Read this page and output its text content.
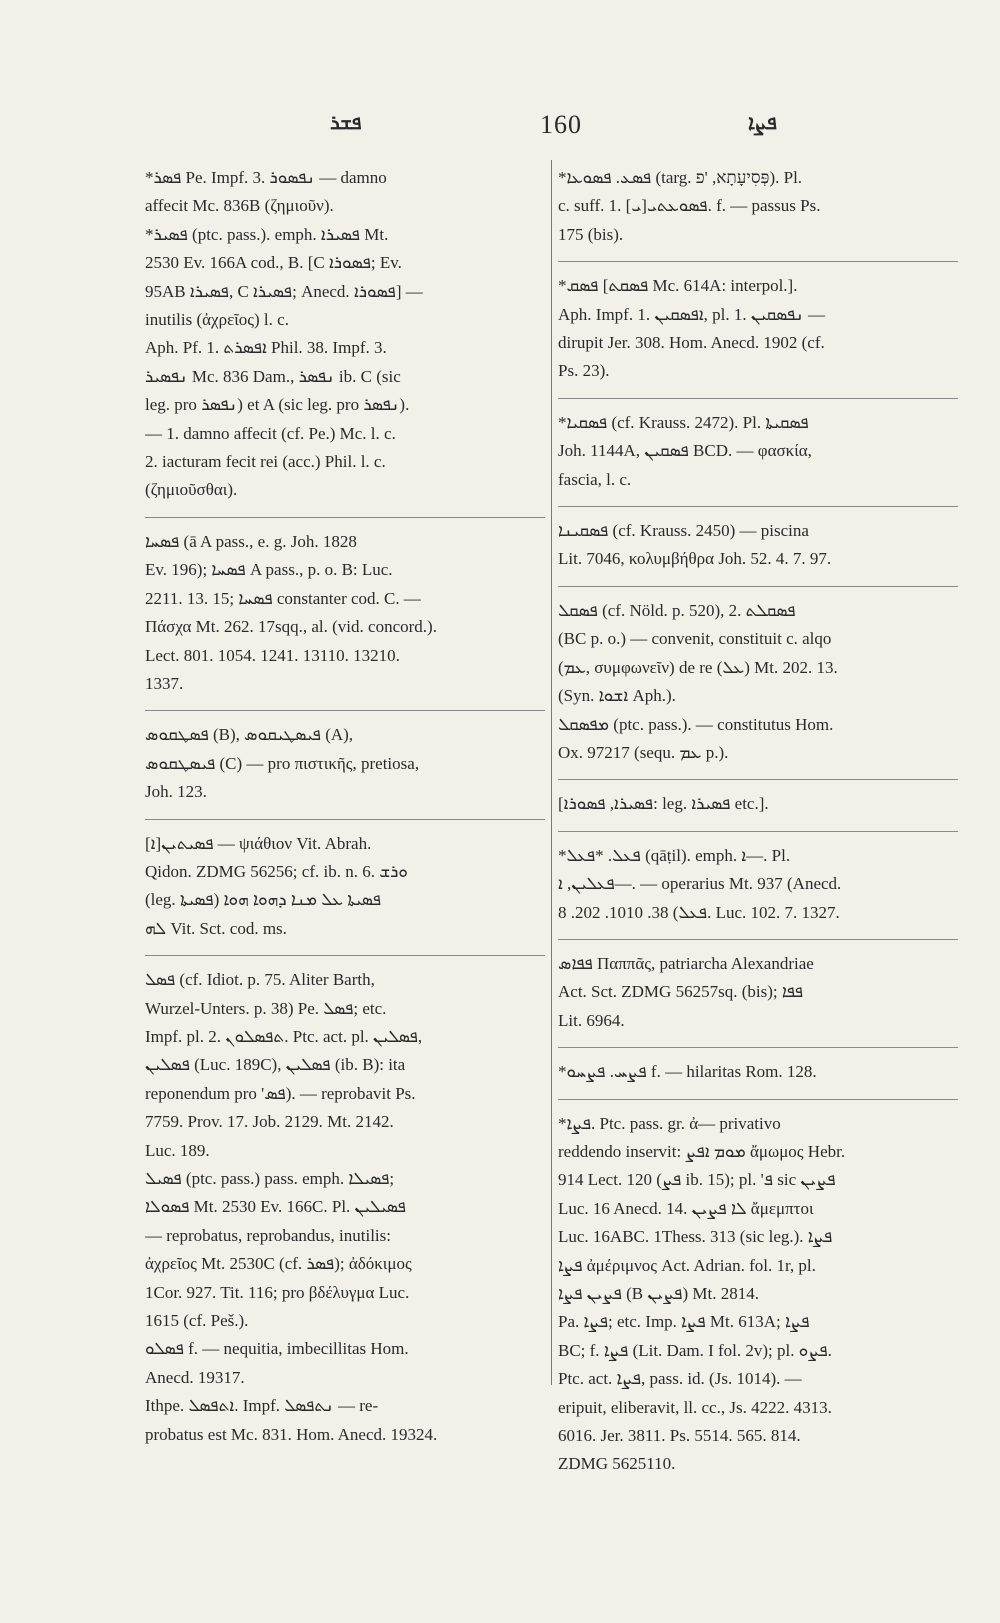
ܦܫܪ	160	ܦܨܐ
*ܦܣܪ Pe. Impf. 3. ܢܦܣܘܪ — damno
affecit Mc. 836B (ζημιοῦν).
*ܦܣܝܪ (ptc. pass.). emph. ܦܣܝܪܐ Mt.
2530 Ev. 166A cod., B. [C ܦܣܘܪܐ; Ev.
95AB ܦܣܝܪܐ, C ܦܣܝܪܐ; Anecd. ܦܣܘܪܐ] —
inutilis (ἀχρεῖος) l. c.
Aph. Pf. 1. ܐܦܣܪܬ Phil. 38. Impf. 3.
ܢܦܣܝܪ Mc. 836 Dam., ܢܦܣܪ ib. C (sic
leg. pro ܢܦܣܪ) et A (sic leg. pro ܢܦܣܪ).
— 1. damno affecit (cf. Pe.) Mc. l. c.
2. iacturam fecit rei (acc.) Phil. l. c.
(ζημιοῦσθαι).
ܦܣܚܐ (ā A pass., e. g. Joh. 1828
Ev. 196); ܦܣܚܐ A pass., p. o. B: Luc.
2211. 13. 15; ܦܣܚܐ constanter cod. C. —
Πάσχα Mt. 262. 17sqq., al. (vid. concord.).
Lect. 801. 1054. 1241. 13110. 13210.
1337.
ܦܣܛܩܘܣ (B), ܦܝܣܛܝܩܘܣ (A),
ܦܝܣܛܩܘܣ (C) — pro πιστικῆς, pretiosa,
Joh. 123.
ܦܣܝܬܝܢ[ܐ] — ψιάθιον Vit. Abrah.
Qidon. ZDMG 56256; cf. ib. n. 6. ܘܪܫ
(leg. ܦܣܝܬܐ) ܦܣܝܬܐ ܥܠ ܡܢܐ ܕܗܘܐ ܗܘܐ
ܠܗ Vit. Sct. cod. ms.
ܦܣܠ (cf. Idiot. p. 75. Aliter Barth,
Wurzel-Unters. p. 38) Pe. ܦܣܠ; etc.
Impf. pl. 2. ܬܦܣܠܘܢ. Ptc. act. pl. ܦܣܠܝܢ,
ܦܣܠܝܢ (Luc. 189C), ܦܣܠܝܢ (ib. B): ita
reponendum pro 'ܦܣ). — reprobavit Ps.
7759. Prov. 17. Job. 2129. Mt. 2142.
Luc. 189.
ܦܣܝܠ (ptc. pass.) pass. emph. ܦܣܝܠܐ;
ܦܣܘܠܐ Mt. 2530 Ev. 166C. Pl. ܦܣܝܠܝܢ
— reprobatus, reprobandus, inutilis:
ἀχρεῖος Mt. 2530C (cf. ܦܣܪ); ἀδόκιμος
1Cor. 927. Tit. 116; pro βδέλυγμα Luc.
1615 (cf. Peš.).
ܦܣܠܘ f. — nequitia, imbecillitas Hom.
Anecd. 19317.
Ithpe. ܐܬܦܣܠ. Impf. ܢܬܦܣܠ — re-
probatus est Mc. 831. Hom. Anecd. 19324.
*ܦܣܥ. ܦܣܘܥܐ (targ. פְּסִיעָתָא, 'פ). Pl.
c. suff. 1. [ܝ]ܦܣܘܥܬܝ. f. — passus Ps.
175 (bis).
*ܦܣܩ [ܦܣܩܬ Mc. 614A: interpol.].
Aph. Impf. 1. ܐܦܣܩܝܢ, pl. 1. ܢܦܣܩܝܢ —
dirupit Jer. 308. Hom. Anecd. 1902 (cf.
Ps. 23).
*ܦܣܩܝܐ (cf. Krauss. 2472). Pl. ܦܣܩܝܬܐ
Joh. 1144A, ܦܣܩܝܢ BCD. — φασκία,
fascia, l. c.
ܦܣܩܝܢܐ (cf. Krauss. 2450) — piscina
Lit. 7046, κολυμβήθρα Joh. 52. 4. 7. 97.
ܦܣܩܠ (cf. Nöld. p. 520), 2. ܦܣܩܠܬ
(BC p. o.) — convenit, constituit c. alqo
(ܥܡ, συμφωνεῖν) de re (ܥܠ) Mt. 202. 13.
(Syn. ܐܫܘܐ Aph.).
ܡܦܣܩܠ (ptc. pass.). — constitutus Hom.
Ox. 97217 (sequ. ܥܡ p.).
[ܦܣܝܪܐ, ܦܣܘܪܐ: leg. ܦܣܝܪܐ etc.].
*ܦܥܠ. *ܦܥܠ (qāṭil). emph. ܐ—. Pl.
ܦܥܠܝܢ, ܐ—. — operarius Mt. 937 (Anecd.
ܦܥܠ) 38. 1010. 202. 8. Luc. 102. 7. 1327.
ܦܦܐܣ Παππᾶς, patriarcha Alexandriae
Act. Sct. ZDMG 56257sq. (bis); ܦܦܐ
Lit. 6964.
*ܦܨܚ. ܦܨܚܘ f. — hilaritas Rom. 128.
*ܦܨܐ. Ptc. pass. gr. ἀ— privativo
reddendo inservit: ܡܘܡ ܐܦܨ ἄμωμος Hebr.
914 Lect. 120 (ܦܨ ib. 15); pl. 'ܦ sic ܦܨܝܢ
Luc. 16 Anecd. 14. ܠܐ ܦܨܝܢ ἄμεμπτοι
Luc. 16ABC. 1Thess. 313 (sic leg.). ܦܨܐ
ܦܨܐ ἀμέριμνος Act. Adrian. fol. 1r, pl.
ܦܨܝܢ ܦܨܐ (B ܦܨܝܢ) Mt. 2814.
Pa. ܦܨܐ; etc. Imp. ܦܨܐ Mt. 613A; ܦܨܐ
BC; f. ܦܨܐ (Lit. Dam. I fol. 2v); pl. ܦܨܘ.
Ptc. act. ܦܨܐ, pass. id. (Js. 1014). —
eripuit, eliberavit, ll. cc., Js. 4222. 4313.
6016. Jer. 3811. Ps. 5514. 565. 814.
ZDMG 5625110.
